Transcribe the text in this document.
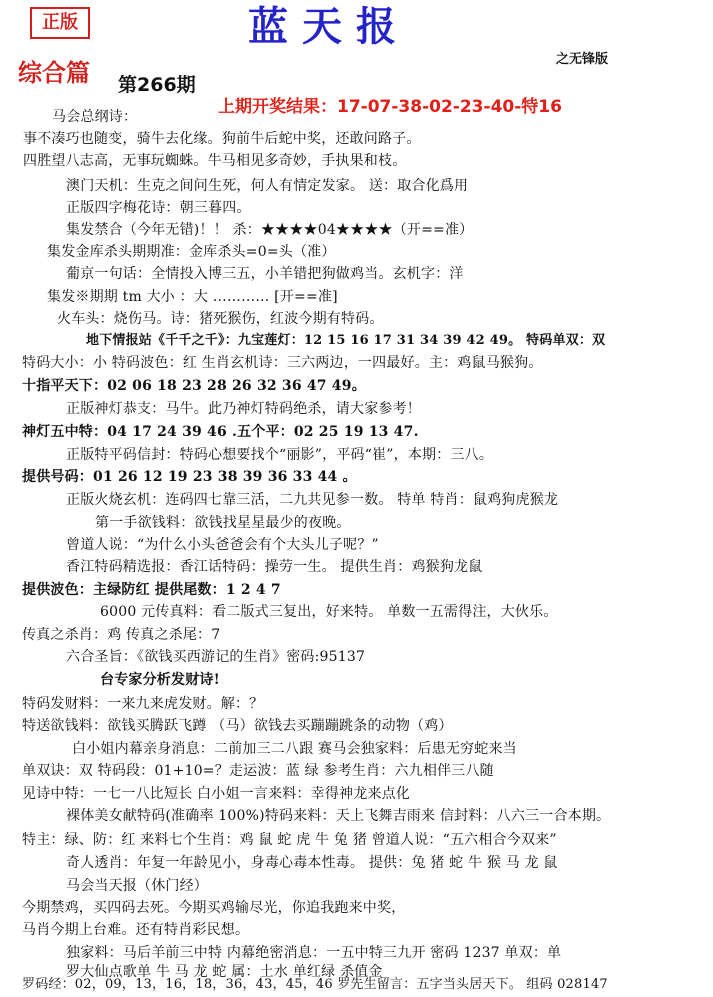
正版	蓝天报
之无锋版
综合篇 第266期
上期开奖结果：17-07-38-02-23-40-特16
马会总纲诗：
事不凑巧也随变，骑牛去化缘。狗前牛后蛇中奖，还敢问路子。
四胜望八志高，无事玩蜘蛛。牛马相见多奇妙，手执果和枝。
澳门天机：生克之间问生死，何人有情定发家。 送：取合化爲用
正版四字梅花诗：朝三暮四。
集发禁合（今年无错)！！ 杀：★★★★04★★★★（开==准）
集发金库杀头期期准：金库杀头=0=头（准）
葡京一句话：全情投入博三五，小羊错把狗做鸡当。玄机字：洋
集发※期期 tm 大小 ：大 ………… [开==准]
火车头：烧伤马。诗：猪死猴伤，红波今期有特码。
地下情报站《千千之千》：九宝莲灯：12 15 16 17 31 34 39 42 49。 特码单双：双
特码大小：小 特码波色：红 生肖玄机诗：三六两边，一四最好。主：鸡鼠马猴狗。
十指平天下：02 06 18 23 28 26 32 36 47 49。
正版神灯恭支：马牛。此乃神灯特码绝杀，请大家参考！
神灯五中特：04 17 24 39 46 .五个平：02 25 19 13 47.
正版特平码信封：特码心想要找个“丽影”，平码“崔”，本期：三八。
提供号码：01 26 12 19 23 38 39 36 33 44 。
正版火烧玄机：连码四七靠三活，二九共见参一数。 特单 特肖：鼠鸡狗虎猴龙
第一手欲钱料：欲钱找星星最少的夜晚。
曾道人说：“为什么小头爸爸会有个大头儿子呢？”
香江特码精选报：香江话特码：操劳一生。 提供生肖：鸡猴狗龙鼠
提供波色：主绿防红 提供尾数：1 2 4 7
6000 元传真料：看二版式三复出，好来特。 单数一五需得注，大伙乐。
传真之杀肖：鸡 传真之杀尾：7
六合圣旨：《欲钱买西游记的生肖》密码:95137
台专家分析发财诗!
特码发财料：一来九来虎发财。解：？
特送欲钱料：欲钱买腾跃飞蹲 （马）欲钱去买蹦蹦跳条的动物（鸡）
白小姐内幕亲身消息：二前加三二八跟 赛马会独家料：后患无穷蛇来当
单双诀：双 特码段：01+10=？走运波：蓝 绿 参考生肖：六九相伴三八随
见诗中特：一七一八比短长 白小姐一言来料：幸得神龙来点化
裸体美女献特码(准确率 100%)特码来料：天上飞舞吉雨来 信封料：八六三一合本期。
特主：绿、防：红 来料七个生肖：鸡 鼠 蛇 虎 牛 兔 猪 曾道人说：“五六相合今双来”
奇人透肖：年复一年龄见小，身毒心毒本性毒。 提供：兔 猪 蛇 牛 猴 马 龙 鼠
马会当天报（休门经）
今期禁鸡，买四码去死。今期买鸡输尽光，你追我跑来中奖，
马肖今期上台难。还有特肖彩民想。
独家料：马后羊前三中特 内幕绝密消息：一五中特三九开 密码 1237 单双：单
罗大仙点歌单 牛 马 龙 蛇 属：土水 单红绿 杀值金
罗码经：02，09，13，16，18，36，43，45，46 罗先生留言：五字当头居天下。 组码 028147
